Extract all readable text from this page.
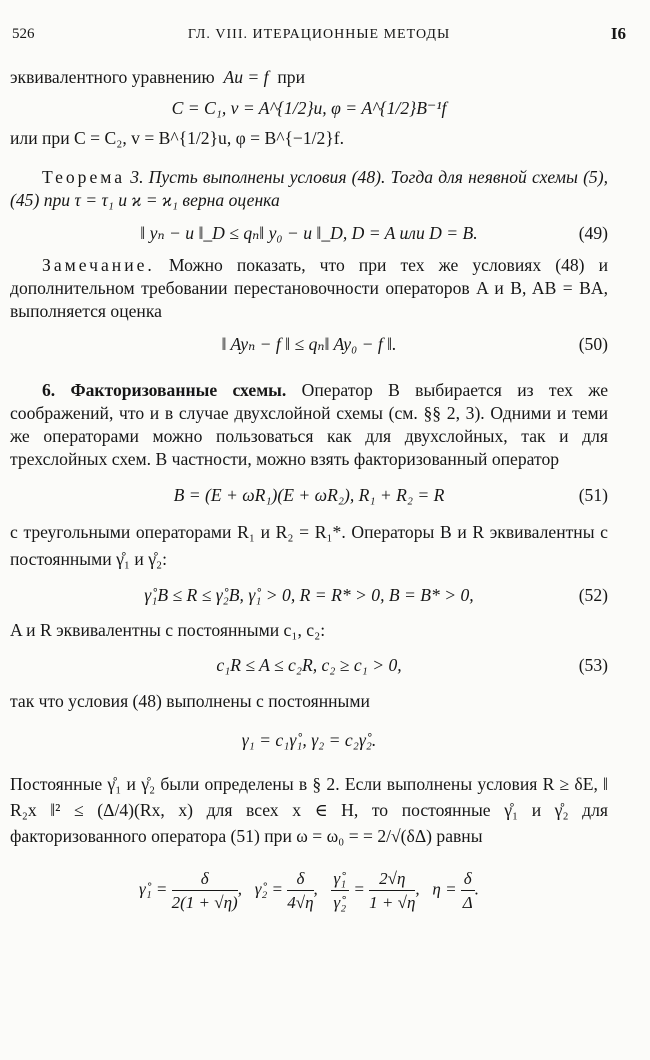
526	ГЛ. VIII. ИТЕРАЦИОННЫЕ МЕТОДЫ	I6

эквивалентного уравнению Au = f при

C = C₁, v = A^{1/2}u, φ = A^{1/2}B⁻¹f

или при C = C₂, v = B^{1/2}u, φ = B^{−1/2}f.

Теорема 3. Пусть выполнены условия (48). Тогда для неявной схемы (5), (45) при τ = τ₁ и ϰ = ϰ₁ верна оценка

‖ yₙ − u ‖_D ≤ qₙ‖ y₀ − u ‖_D, D = A или D = B.	(49)

Замечание. Можно показать, что при тех же условиях (48) и дополнительном требовании перестановочности операторов A и B, AB = BA, выполняется оценка

‖ Ayₙ − f ‖ ≤ qₙ‖ Ay₀ − f ‖.	(50)

6. Факторизованные схемы. Оператор B выбирается из тех же соображений, что и в случае двухслойной схемы (см. §§ 2, 3). Одними и теми же операторами можно пользоваться как для двухслойных, так и для трехслойных схем. В частности, можно взять факторизованный оператор

B = (E + ωR₁)(E + ωR₂), R₁ + R₂ = R	(51)

с треугольными операторами R₁ и R₂ = R₁*. Операторы B и R эквивалентны с постоянными γ̊₁ и γ̊₂:

γ̊₁B ≤ R ≤ γ̊₂B, γ̊₁ > 0, R = R* > 0, B = B* > 0,	(52)

A и R эквивалентны с постоянными c₁, c₂:

c₁R ≤ A ≤ c₂R, c₂ ≥ c₁ > 0,	(53)

так что условия (48) выполнены с постоянными

γ₁ = c₁γ̊₁, γ₂ = c₂γ̊₂.

Постоянные γ̊₁ и γ̊₂ были определены в § 2. Если выполнены условия R ≥ δE, ‖ R₂x ‖² ≤ (Δ/4)(Rx, x) для всех x ∈ H, то постоянные γ̊₁ и γ̊₂ для факторизованного оператора (51) при ω = ω₀ = = 2/√(δΔ) равны

γ̊₁ = $\frac{\delta}{2(1 + √\eta)}$ ,   γ̊₂ = $\frac{\delta}{4√\eta}$ , $\frac{\text{γ̊₁}}{\text{γ̊₂}} = \frac{2√\eta}{1 + √\eta}$ ,   $\eta = \frac{\delta}{\Delta}$ .
